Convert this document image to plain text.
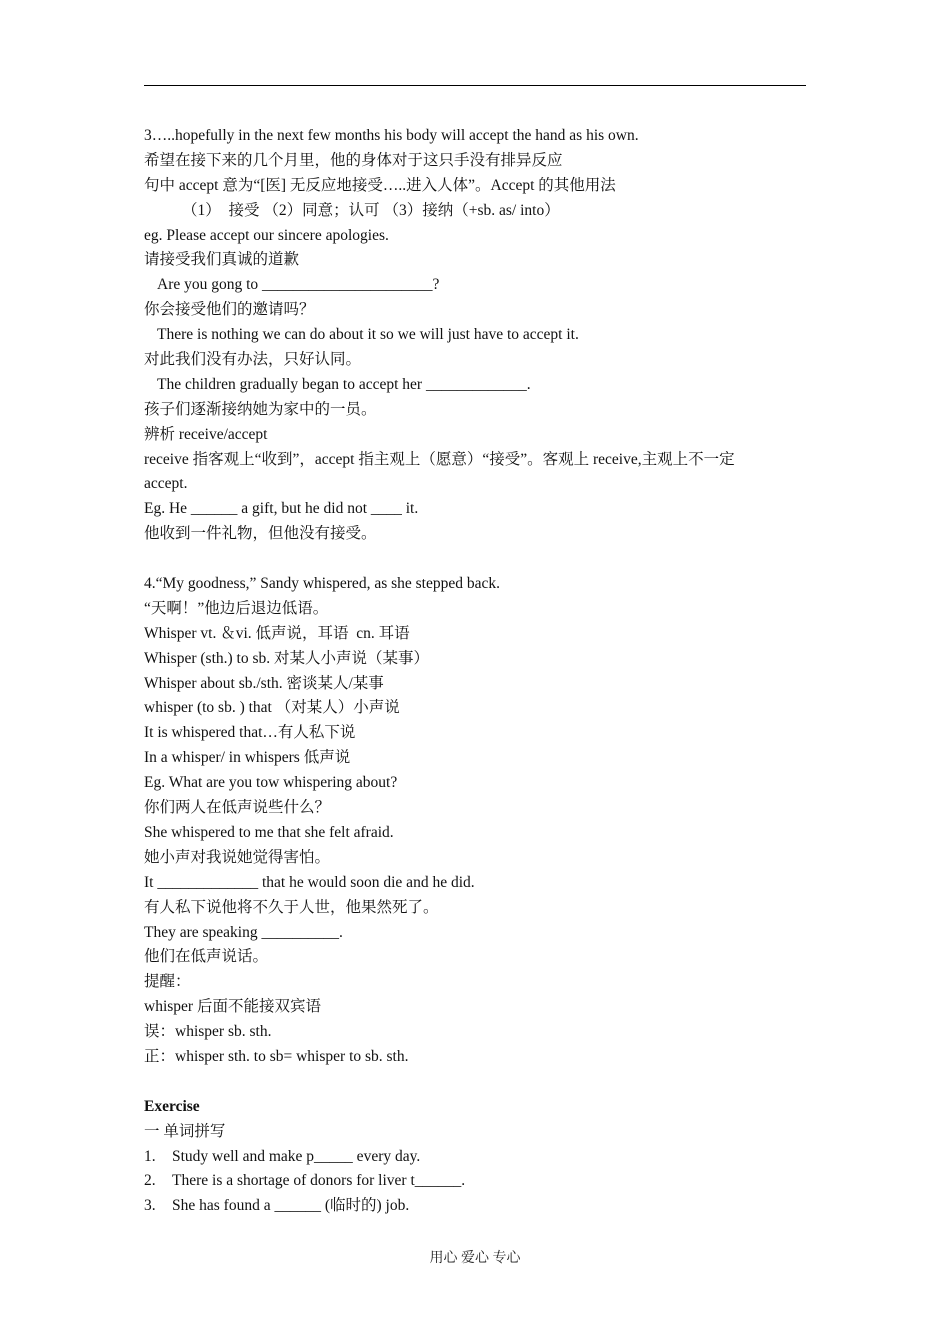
3…..hopefully in the next few months his body will accept the hand as his own.
希望在接下来的几个月里，他的身体对于这只手没有排异反应
句中 accept 意为“[医] 无反应地接受…..进入人体”。Accept 的其他用法
（1）  接受 （2）同意；认可 （3）接纳（+sb. as/ into）
eg. Please accept our sincere apologies.
请接受我们真诚的道歉
Are you gong to ______________________?
你会接受他们的邀请吗？
There is nothing we can do about it so we will just have to accept it.
对此我们没有办法，只好认同。
The children gradually began to accept her _____________.
孩子们逐渐接纳她为家中的一员。
辨析 receive/accept
receive 指客观上“收到”，accept 指主观上（愿意）“接受”。客观上 receive,主观上不一定
accept.
Eg. He ______ a gift, but he did not ____ it.
他收到一件礼物，但他没有接受。
4.“My goodness,” Sandy whispered, as she stepped back.
“天啊！”他边后退边低语。
Whisper vt. ＆vi. 低声说，耳语  cn. 耳语
Whisper (sth.) to sb. 对某人小声说（某事）
Whisper about sb./sth. 密谈某人/某事
whisper (to sb. ) that （对某人）小声说
It is whispered that…有人私下说
In a whisper/ in whispers 低声说
Eg. What are you tow whispering about?
你们两人在低声说些什么？
She whispered to me that she felt afraid.
她小声对我说她觉得害怕。
It _____________ that he would soon die and he did.
有人私下说他将不久于人世，他果然死了。
They are speaking __________.
他们在低声说话。
提醒：
whisper 后面不能接双宾语
误：whisper sb. sth.
正：whisper sth. to sb= whisper to sb. sth.
Exercise
一 单词拼写
1.	Study well and make p_____ every day.
2.	There is a shortage of donors for liver t______.
3.	She has found a ______ (临时的) job.
用心 爱心 专心
